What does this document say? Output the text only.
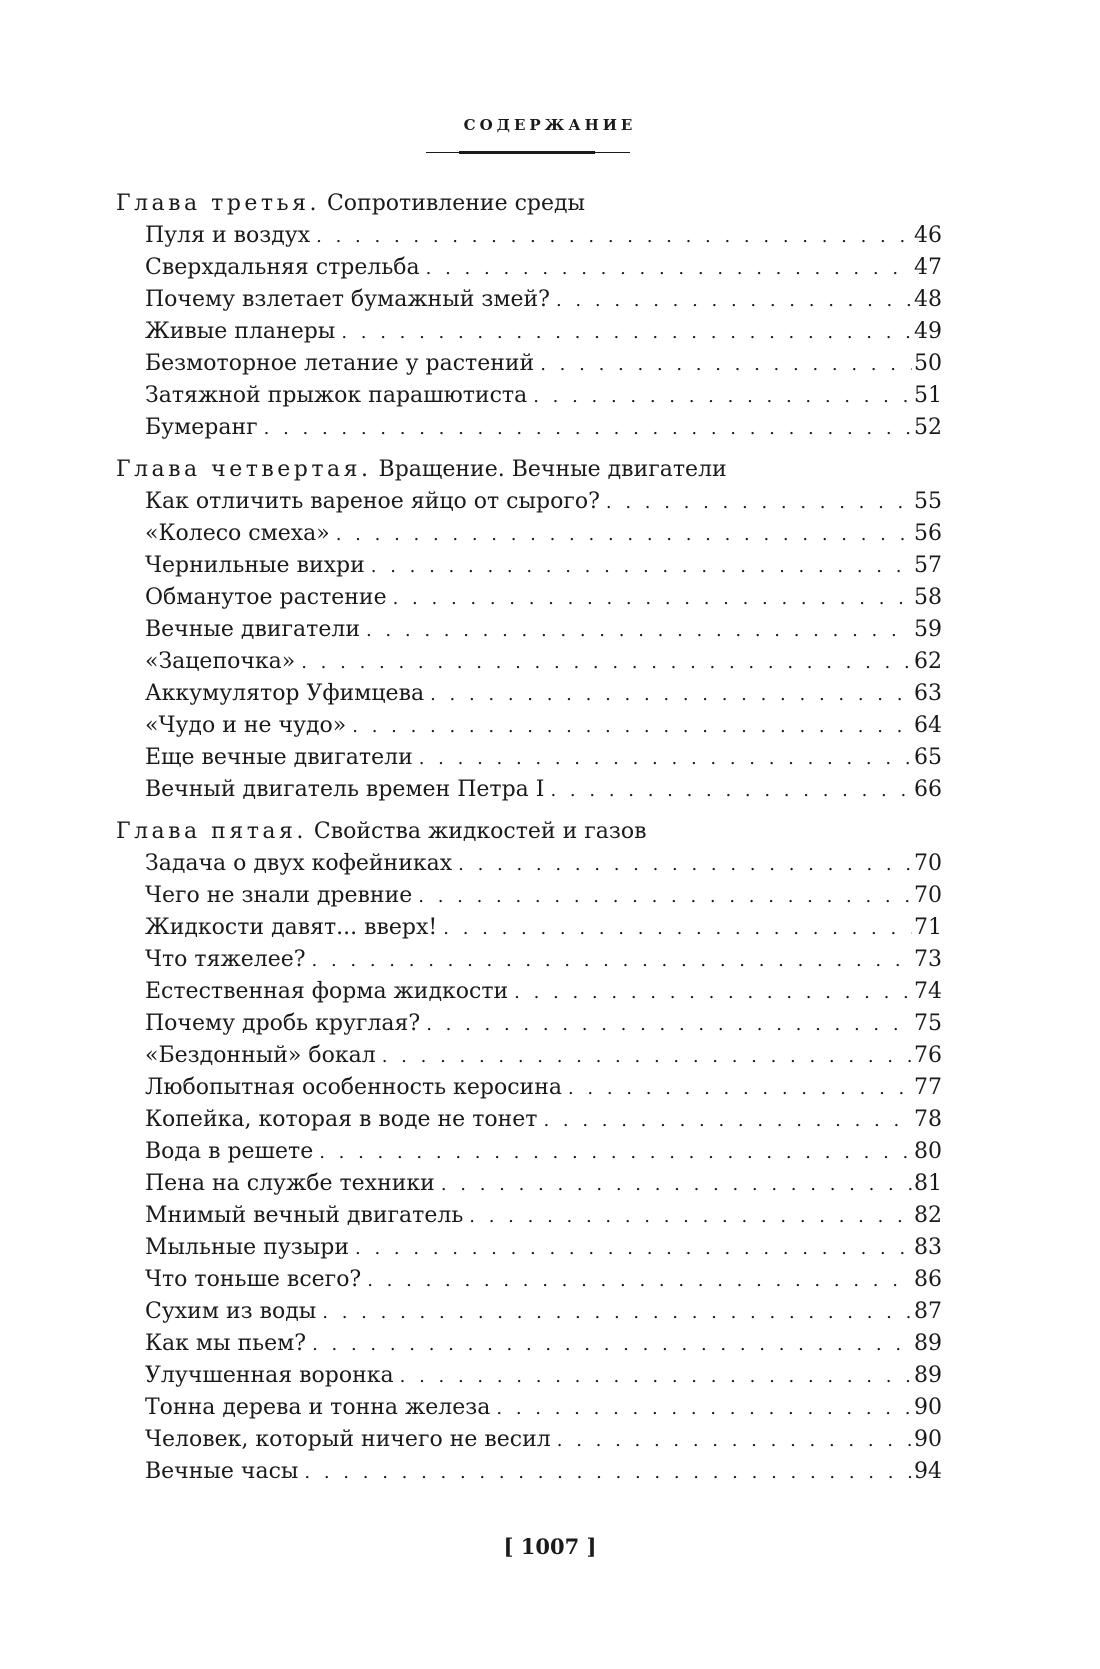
СОДЕРЖАНИЕ
Глава третья. Сопротивление среды
Пуля и воздух . . .	46
Сверхдальняя стрельба . . .	47
Почему взлетает бумажный змей? . . .	48
Живые планеры . . .	49
Безмоторное летание у растений . . .	50
Затяжной прыжок парашютиста . . .	51
Бумеранг . . .	52
Глава четвертая. Вращение. Вечные двигатели
Как отличить вареное яйцо от сырого? . . .	55
«Колесо смеха» . . .	56
Чернильные вихри . . .	57
Обманутое растение . . .	58
Вечные двигатели . . .	59
«Зацепочка» . . .	62
Аккумулятор Уфимцева . . .	63
«Чудо и не чудо» . . .	64
Еще вечные двигатели . . .	65
Вечный двигатель времен Петра I . . .	66
Глава пятая. Свойства жидкостей и газов
Задача о двух кофейниках . . .	70
Чего не знали древние . . .	70
Жидкости давят... вверх! . . .	71
Что тяжелее? . . .	73
Естественная форма жидкости . . .	74
Почему дробь круглая? . . .	75
«Бездонный» бокал . . .	76
Любопытная особенность керосина . . .	77
Копейка, которая в воде не тонет . . .	78
Вода в решете . . .	80
Пена на службе техники . . .	81
Мнимый вечный двигатель . . .	82
Мыльные пузыри . . .	83
Что тоньше всего? . . .	86
Сухим из воды . . .	87
Как мы пьем? . . .	89
Улучшенная воронка . . .	89
Тонна дерева и тонна железа . . .	90
Человек, который ничего не весил . . .	90
Вечные часы . . .	94
[ 1007 ]
